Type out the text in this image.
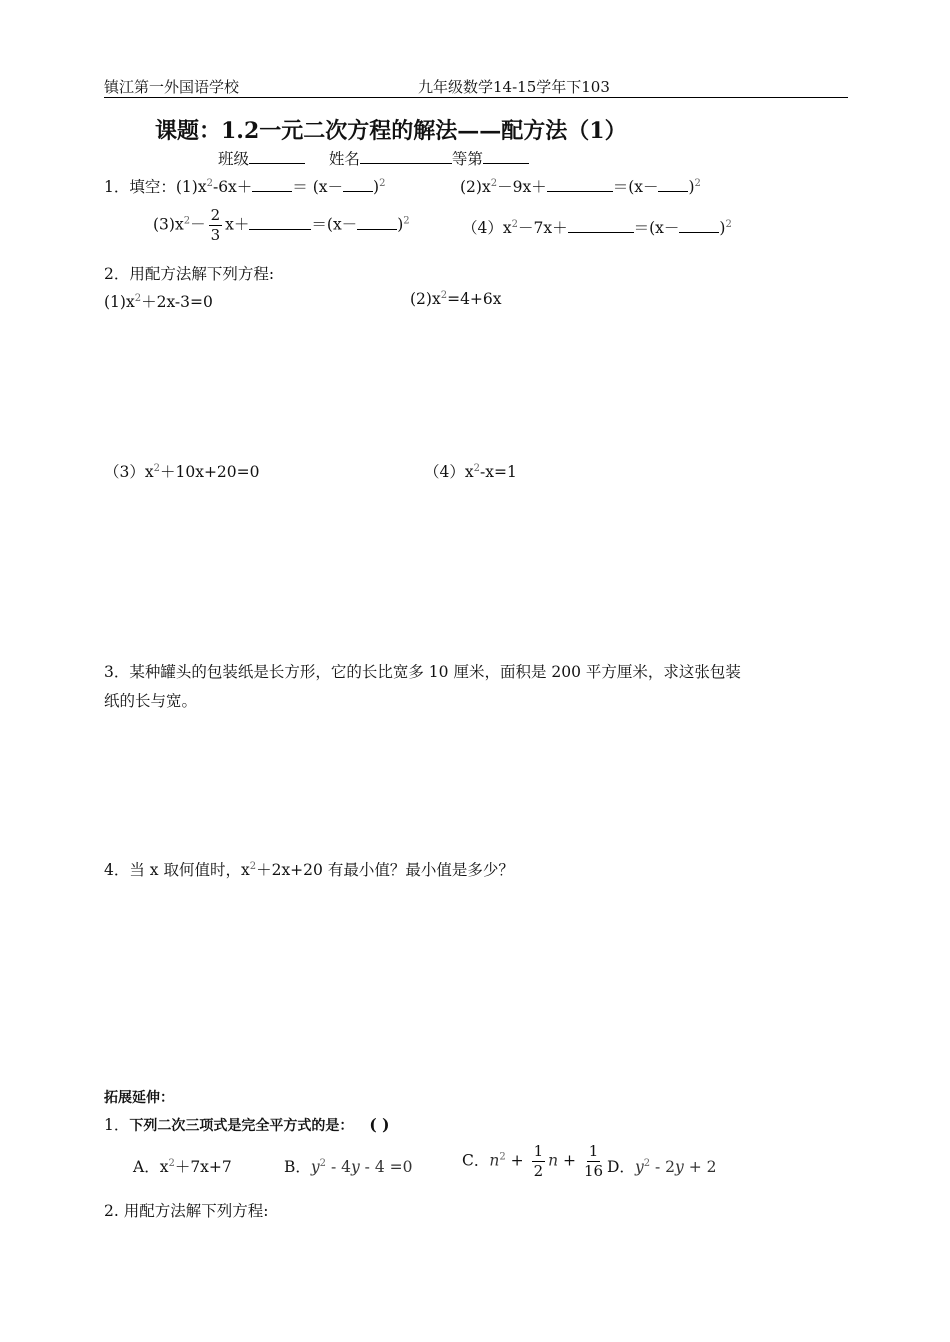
镇江第一外国语学校	九年级数学14-15学年下103
课题：1.2一元二次方程的解法——配方法（1）
班级	姓名	等第
1．填空：$(1)x^2-6x+$	＝ $(x- )^2$	$(2)x^2-9x+$	$=(x- )^2$
$(3)x^2- \frac{2}{3} x+$	＝(x－	)$^2$	$(4)x^2-7x+$	＝(x－	)$^2$
2．用配方法解下列方程:
$(1)x^2+2x-3=0$	$(2)x^2=4+6x$
$(3)x^2+10x+20=0$	$(4)x^2-x=1$
3．某种罐头的包装纸是长方形，它的长比宽多 10 厘米，面积是 200 平方厘米，求这张包装
纸的长与宽。
4．当 x 取何值时，$x^2+2x+20$ 有最小值？最小值是多少？
拓展延伸：
1．下列二次三项式是完全平方式的是： ( )
A．$x^2+7x+7$	B．$y^2 - 4y - 4 =0$	C．$n^2 + \frac{1}{2}$ $n + \frac{1}{16}$ D．$y^2 - 2y + 2$
2. 用配方法解下列方程:
